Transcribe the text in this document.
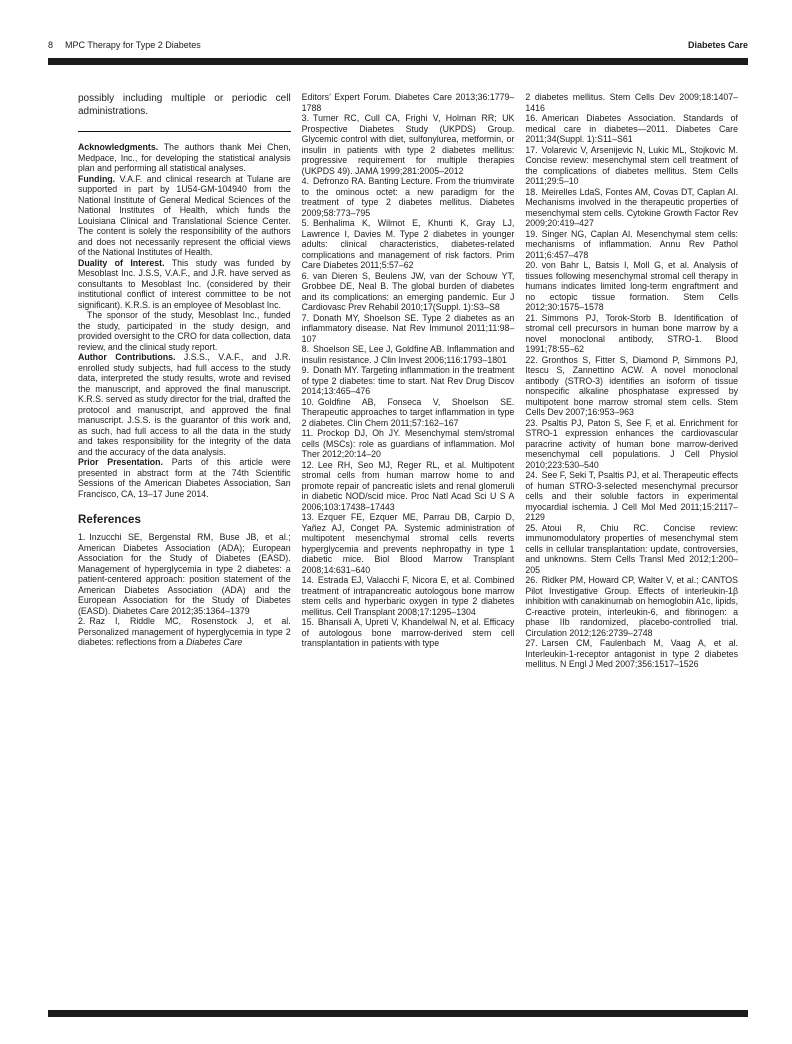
8 MPC Therapy for Type 2 Diabetes	Diabetes Care

possibly including multiple or periodic cell administrations.

Acknowledgments. The authors thank Mei Chen, Medpace, Inc., for developing the statistical analysis plan and performing all statistical analyses.

Funding. V.A.F. and clinical research at Tulane are supported in part by 1U54-GM-104940 from the National Institute of General Medical Sciences of the National Institutes of Health, which funds the Louisiana Clinical and Translational Science Center. The content is solely the responsibility of the authors and does not necessarily represent the official views of the National Institutes of Health.

Duality of Interest. This study was funded by Mesoblast Inc. J.S.S, V.A.F., and J.R. have served as consultants to Mesoblast Inc. (considered by their institutional conflict of interest committee to be not significant). K.R.S. is an employee of Mesoblast Inc.

The sponsor of the study, Mesoblast Inc., funded the study, participated in the study design, and provided oversight to the CRO for data collection, data review, and the clinical study report.

Author Contributions. J.S.S., V.A.F., and J.R. enrolled study subjects, had full access to the study data, interpreted the study results, wrote and revised the manuscript, and approved the final manuscript. K.R.S. served as study director for the trial, drafted the protocol and manuscript, and approved the final manuscript. J.S.S. is the guarantor of this work and, as such, had full access to all the data in the study and takes responsibility for the integrity of the data and the accuracy of the data analysis.

Prior Presentation. Parts of this article were presented in abstract form at the 74th Scientific Sessions of the American Diabetes Association, San Francisco, CA, 13–17 June 2014.

References

1. Inzucchi SE, Bergenstal RM, Buse JB, et al.; American Diabetes Association (ADA); European Association for the Study of Diabetes (EASD). Management of hyperglycemia in type 2 diabetes: a patient-centered approach: position statement of the American Diabetes Association (ADA) and the European Association for the Study of Diabetes (EASD). Diabetes Care 2012;35:1364–1379

2. Raz I, Riddle MC, Rosenstock J, et al. Personalized management of hyperglycemia in type 2 diabetes: reflections from a Diabetes Care

Editors’ Expert Forum. Diabetes Care 2013;36:1779–1788

3. Turner RC, Cull CA, Frighi V, Holman RR; UK Prospective Diabetes Study (UKPDS) Group. Glycemic control with diet, sulfonylurea, metformin, or insulin in patients with type 2 diabetes mellitus: progressive requirement for multiple therapies (UKPDS 49). JAMA 1999;281:2005–2012

4. Defronzo RA. Banting Lecture. From the triumvirate to the ominous octet: a new paradigm for the treatment of type 2 diabetes mellitus. Diabetes 2009;58:773–795

5. Benhalima K, Wilmot E, Khunti K, Gray LJ, Lawrence I, Davies M. Type 2 diabetes in younger adults: clinical characteristics, diabetes-related complications and management of risk factors. Prim Care Diabetes 2011;5:57–62

6. van Dieren S, Beulens JW, van der Schouw YT, Grobbee DE, Neal B. The global burden of diabetes and its complications: an emerging pandemic. Eur J Cardiovasc Prev Rehabil 2010;17(Suppl. 1):S3–S8

7. Donath MY, Shoelson SE. Type 2 diabetes as an inflammatory disease. Nat Rev Immunol 2011;11:98–107

8. Shoelson SE, Lee J, Goldfine AB. Inflammation and insulin resistance. J Clin Invest 2006;116:1793–1801

9. Donath MY. Targeting inflammation in the treatment of type 2 diabetes: time to start. Nat Rev Drug Discov 2014;13:465–476

10. Goldfine AB, Fonseca V, Shoelson SE. Therapeutic approaches to target inflammation in type 2 diabetes. Clin Chem 2011;57:162–167

11. Prockop DJ, Oh JY. Mesenchymal stem/stromal cells (MSCs): role as guardians of inflammation. Mol Ther 2012;20:14–20

12. Lee RH, Seo MJ, Reger RL, et al. Multipotent stromal cells from human marrow home to and promote repair of pancreatic islets and renal glomeruli in diabetic NOD/scid mice. Proc Natl Acad Sci U S A 2006;103:17438–17443

13. Ezquer FE, Ezquer ME, Parrau DB, Carpio D, Yañez AJ, Conget PA. Systemic administration of multipotent mesenchymal stromal cells reverts hyperglycemia and prevents nephropathy in type 1 diabetic mice. Biol Blood Marrow Transplant 2008;14:631–640

14. Estrada EJ, Valacchi F, Nicora E, et al. Combined treatment of intrapancreatic autologous bone marrow stem cells and hyperbaric oxygen in type 2 diabetes mellitus. Cell Transplant 2008;17:1295–1304

15. Bhansali A, Upreti V, Khandelwal N, et al. Efficacy of autologous bone marrow-derived stem cell transplantation in patients with type

2 diabetes mellitus. Stem Cells Dev 2009;18:1407–1416

16. American Diabetes Association. Standards of medical care in diabetes—2011. Diabetes Care 2011;34(Suppl. 1):S11–S61

17. Volarevic V, Arsenijevic N, Lukic ML, Stojkovic M. Concise review: mesenchymal stem cell treatment of the complications of diabetes mellitus. Stem Cells 2011;29:5–10

18. Meirelles LdaS, Fontes AM, Covas DT, Caplan AI. Mechanisms involved in the therapeutic properties of mesenchymal stem cells. Cytokine Growth Factor Rev 2009;20:419–427

19. Singer NG, Caplan AI. Mesenchymal stem cells: mechanisms of inflammation. Annu Rev Pathol 2011;6:457–478

20. von Bahr L, Batsis I, Moll G, et al. Analysis of tissues following mesenchymal stromal cell therapy in humans indicates limited long-term engraftment and no ectopic tissue formation. Stem Cells 2012;30:1575–1578

21. Simmons PJ, Torok-Storb B. Identification of stromal cell precursors in human bone marrow by a novel monoclonal antibody, STRO-1. Blood 1991;78:55–62

22. Gronthos S, Fitter S, Diamond P, Simmons PJ, Itescu S, Zannettino ACW. A novel monoclonal antibody (STRO-3) identifies an isoform of tissue nonspecific alkaline phosphatase expressed by multipotent bone marrow stromal stem cells. Stem Cells Dev 2007;16:953–963

23. Psaltis PJ, Paton S, See F, et al. Enrichment for STRO-1 expression enhances the cardiovascular paracrine activity of human bone marrow-derived mesenchymal cell populations. J Cell Physiol 2010;223:530–540

24. See F, Seki T, Psaltis PJ, et al. Therapeutic effects of human STRO-3-selected mesenchymal precursor cells and their soluble factors in experimental myocardial ischemia. J Cell Mol Med 2011;15:2117–2129

25. Atoui R, Chiu RC. Concise review: immunomodulatory properties of mesenchymal stem cells in cellular transplantation: update, controversies, and unknowns. Stem Cells Transl Med 2012;1:200–205

26. Ridker PM, Howard CP, Walter V, et al.; CANTOS Pilot Investigative Group. Effects of interleukin-1β inhibition with canakinumab on hemoglobin A1c, lipids, C-reactive protein, interleukin-6, and fibrinogen: a phase IIb randomized, placebo-controlled trial. Circulation 2012;126:2739–2748

27. Larsen CM, Faulenbach M, Vaag A, et al. Interleukin-1-receptor antagonist in type 2 diabetes mellitus. N Engl J Med 2007;356:1517–1526
